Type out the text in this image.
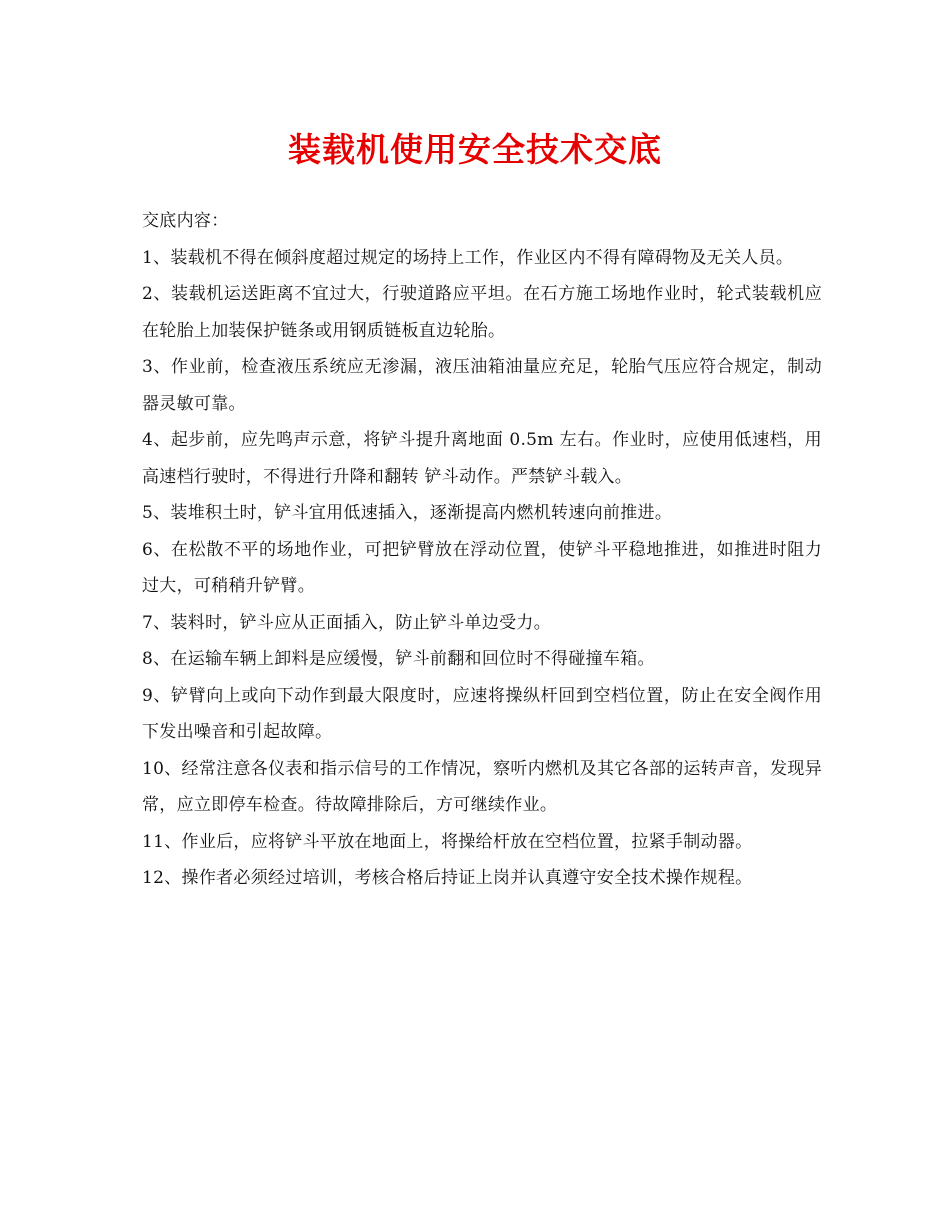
装载机使用安全技术交底

交底内容：

1、装载机不得在倾斜度超过规定的场持上工作，作业区内不得有障碍物及无关人员。

2、装载机运送距离不宜过大，行驶道路应平坦。在石方施工场地作业时，轮式装载机应在轮胎上加装保护链条或用钢质链板直边轮胎。

3、作业前，检查液压系统应无渗漏，液压油箱油量应充足，轮胎气压应符合规定，制动器灵敏可靠。

4、起步前，应先鸣声示意，将铲斗提升离地面 0.5m 左右。作业时，应使用低速档，用高速档行驶时，不得进行升降和翻转 铲斗动作。严禁铲斗载入。

5、装堆积土时，铲斗宜用低速插入，逐渐提高内燃机转速向前推进。

6、在松散不平的场地作业，可把铲臂放在浮动位置，使铲斗平稳地推进，如推进时阻力过大，可稍稍升铲臂。

7、装料时，铲斗应从正面插入，防止铲斗单边受力。

8、在运输车辆上卸料是应缓慢，铲斗前翻和回位时不得碰撞车箱。

9、铲臂向上或向下动作到最大限度时，应速将操纵杆回到空档位置，防止在安全阀作用下发出噪音和引起故障。

10、经常注意各仪表和指示信号的工作情况，察听内燃机及其它各部的运转声音，发现异常，应立即停车检查。待故障排除后，方可继续作业。

11、作业后，应将铲斗平放在地面上，将操给杆放在空档位置，拉紧手制动器。

12、操作者必须经过培训，考核合格后持证上岗并认真遵守安全技术操作规程。
